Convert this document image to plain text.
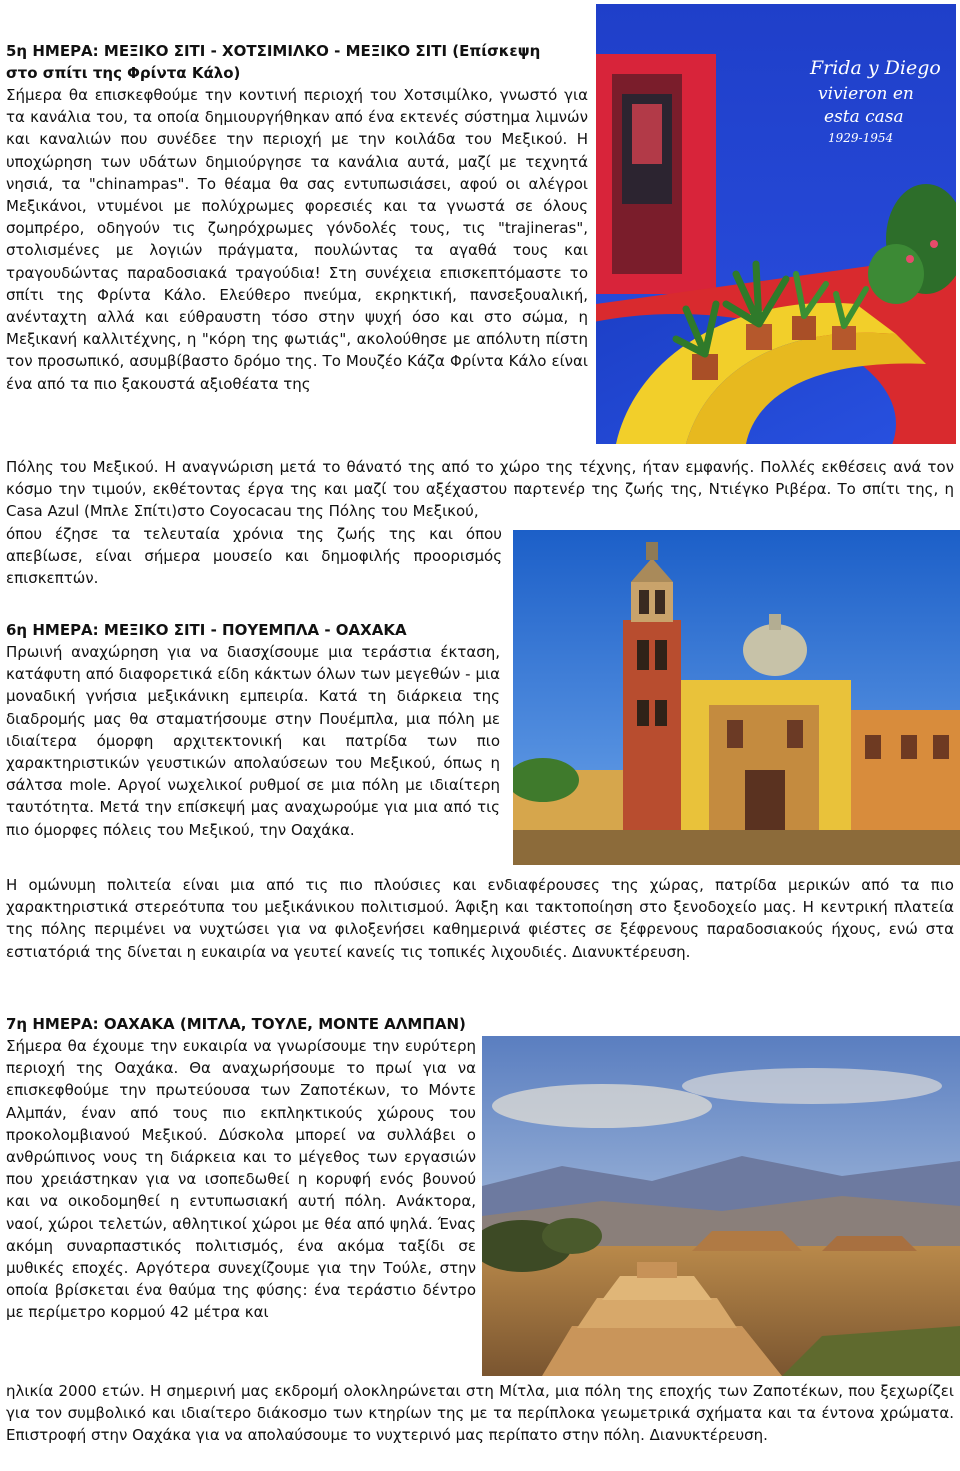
5η ΗΜΕΡΑ: ΜΕΞΙΚΟ ΣΙΤΙ - ΧΟΤΣΙΜΙΛΚΟ - ΜΕΞΙΚΟ ΣΙΤΙ (Επίσκεψη
στο σπίτι της Φρίντα Κάλο)

Σήμερα θα επισκεφθούμε την κοντινή περιοχή του Χοτσιμίλκο, γνωστό για τα κανάλια του, τα οποία δημιουργήθηκαν από ένα εκτενές σύστημα λιμνών και καναλιών που συνέδεε την περιοχή με την κοιλάδα του Μεξικού. Η υποχώρηση των υδάτων δημιούργησε τα κανάλια αυτά, μαζί με τεχνητά νησιά, τα "chinampas". Το θέαμα θα σας εντυπωσιάσει, αφού οι αλέγροι Μεξικάνοι, ντυμένοι με πολύχρωμες φορεσιές και τα γνωστά σε όλους σομπρέρο, οδηγούν τις ζωηρόχρωμες γόνδολές τους, τις "trajineras", στολισμένες με λογιών πράγματα, πουλώντας τα αγαθά τους και τραγουδώντας παραδοσιακά τραγούδια! Στη συνέχεια επισκεπτόμαστε το σπίτι της Φρίντα Κάλο. Ελεύθερο πνεύμα, εκρηκτική, πανσεξουαλική, ανένταχτη αλλά και εύθραυστη τόσο στην ψυχή όσο και στο σώμα, η Μεξικανή καλλιτέχνης, η "κόρη της φωτιάς", ακολούθησε με απόλυτη πίστη τον προσωπικό, ασυμβίβαστο δρόμο της. Το Μουζέο Κάζα Φρίντα Κάλο είναι ένα από τα πιο ξακουστά αξιοθέατα της

Πόλης του Μεξικού. Η αναγνώριση μετά το θάνατό της από το χώρο της τέχνης, ήταν εμφανής. Πολλές εκθέσεις ανά τον κόσμο την τιμούν, εκθέτοντας έργα της και μαζί του αξέχαστου παρτενέρ της ζωής της, Ντιέγκο Ριβέρα. Το σπίτι της, η Casa Azul (Μπλε Σπίτι)στο Coyocacau της Πόλης του Μεξικού,

όπου έζησε τα τελευταία χρόνια της ζωής της και όπου απεβίωσε, είναι σήμερα μουσείο και δημοφιλής προορισμός επισκεπτών.

Frida y Diego
vivieron en
esta casa
1929-1954

6η ΗΜΕΡΑ: ΜΕΞΙΚΟ ΣΙΤΙ - ΠΟΥΕΜΠΛΑ - ΟΑΧΑΚΑ

Πρωινή αναχώρηση για να διασχίσουμε μια τεράστια έκταση, κατάφυτη από διαφορετικά είδη κάκτων όλων των μεγεθών - μια μοναδική γνήσια μεξικάνικη εμπειρία. Κατά τη διάρκεια της διαδρομής μας θα σταματήσουμε στην Πουέμπλα, μια πόλη με ιδιαίτερα όμορφη αρχιτεκτονική και πατρίδα των πιο χαρακτηριστικών γευστικών απολαύσεων του Μεξικού, όπως η σάλτσα mole. Αργοί νωχελικοί ρυθμοί σε μια πόλη με ιδιαίτερη ταυτότητα. Μετά την επίσκεψή μας αναχωρούμε για μια από τις πιο όμορφες πόλεις του Μεξικού, την Οαχάκα.

Η ομώνυμη πολιτεία είναι μια από τις πιο πλούσιες και ενδιαφέρουσες της χώρας, πατρίδα μερικών από τα πιο χαρακτηριστικά στερεότυπα του μεξικάνικου πολιτισμού. Άφιξη και τακτοποίηση στο ξενοδοχείο μας. Η κεντρική πλατεία της πόλης περιμένει να νυχτώσει για να φιλοξενήσει καθημερινά φιέστες σε ξέφρενους παραδοσιακούς ήχους, ενώ στα εστιατόριά της δίνεται η ευκαιρία να γευτεί κανείς τις τοπικές λιχουδιές. Διανυκτέρευση.

7η ΗΜΕΡΑ: ΟΑΧΑΚΑ (ΜΙΤΛΑ, ΤΟΥΛΕ, ΜΟΝΤΕ ΑΛΜΠΑΝ)

Σήμερα θα έχουμε την ευκαιρία να γνωρίσουμε την ευρύτερη περιοχή της Οαχάκα. Θα αναχωρήσουμε το πρωί για να επισκεφθούμε την πρωτεύουσα των Ζαποτέκων, το Μόντε Αλμπάν, έναν από τους πιο εκπληκτικούς χώρους του προκολομβιανού Μεξικού. Δύσκολα μπορεί να συλλάβει ο ανθρώπινος νους τη διάρκεια και το μέγεθος των εργασιών που χρειάστηκαν για να ισοπεδωθεί η κορυφή ενός βουνού και να οικοδομηθεί η εντυπωσιακή αυτή πόλη. Ανάκτορα, ναοί, χώροι τελετών, αθλητικοί χώροι με θέα από ψηλά. Ένας ακόμη συναρπαστικός πολιτισμός, ένα ακόμα ταξίδι σε μυθικές εποχές. Αργότερα συνεχίζουμε για την Τούλε, στην οποία βρίσκεται ένα θαύμα της φύσης: ένα τεράστιο δέντρο με περίμετρο κορμού 42 μέτρα και

ηλικία 2000 ετών. Η σημερινή μας εκδρομή ολοκληρώνεται στη Μίτλα, μια πόλη της εποχής των Ζαποτέκων, που ξεχωρίζει για τον συμβολικό και ιδιαίτερο διάκοσμο των κτηρίων της με τα περίπλοκα γεωμετρικά σχήματα και τα έντονα χρώματα. Επιστροφή στην Οαχάκα για να απολαύσουμε το νυχτερινό μας περίπατο στην πόλη. Διανυκτέρευση.
